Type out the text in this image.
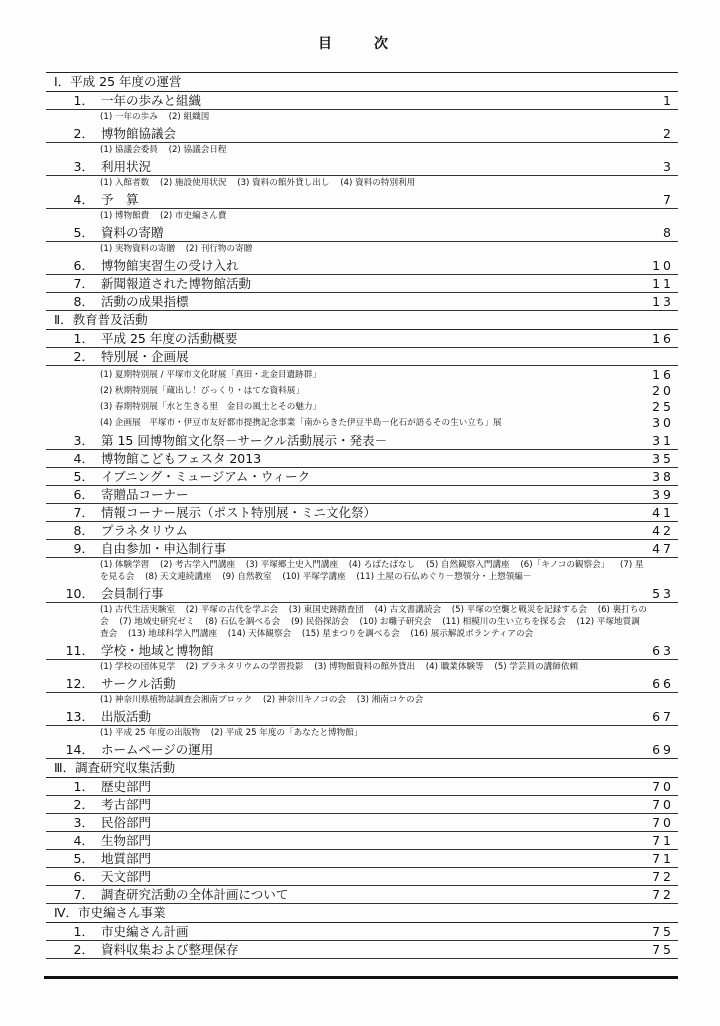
目　次
Ⅰ．平成 25 年度の運営
1． 一年の歩みと組織	1
(1) 一年の歩み (2) 組織図
2． 博物館協議会	2
(1) 協議会委員 (2) 協議会日程
3． 利用状況	3
(1) 入館者数 (2) 施設使用状況 (3) 資料の館外貸し出し (4) 資料の特別利用
4． 予　算	7
(1) 博物館費 (2) 市史編さん費
5． 資料の寄贈	8
(1) 実物資料の寄贈 (2) 刊行物の寄贈
6． 博物館実習生の受け入れ	10
7． 新聞報道された博物館活動	11
8． 活動の成果指標	13
Ⅱ．教育普及活動
1． 平成 25 年度の活動概要	16
2． 特別展・企画展
(1) 夏期特別展 / 平塚市文化財展「真田・北金目遺跡群」	16
(2) 秋期特別展「蔵出し！びっくり・はてな資料展」	20
(3) 春期特別展「水と生きる里　金目の風土とその魅力」	25
(4) 企画展　平塚市・伊豆市友好都市提携記念事業「南からきた伊豆半島－化石が語るその生い立ち」展	30
3． 第 15 回博物館文化祭－サークル活動展示・発表－	31
4． 博物館こどもフェスタ 2013	35
5． イブニング・ミュージアム・ウィーク	38
6． 寄贈品コーナー	39
7． 情報コーナー展示（ポスト特別展・ミニ文化祭）	41
8． プラネタリウム	42
9． 自由参加・申込制行事	47
(1) 体験学習 (2) 考古学入門講座 (3) 平塚郷土史入門講座 (4) ろばたばなし (5) 自然観察入門講座 (6)「キノコの観察会」 (7) 星を見る会 (8) 天文連続講座 (9) 自然教室 (10) 平塚学講座 (11) 土屋の石仏めぐり－惣領分・上惣領編－
10． 会員制行事	53
(1) 古代生活実験室 (2) 平塚の古代を学ぶ会 (3) 東国史跡踏査団 (4) 古文書講読会 (5) 平塚の空襲と戦災を記録する会 (6) 裏打ちの会 (7) 地域史研究ゼミ (8) 石仏を調べる会 (9) 民俗探訪会 (10) お囃子研究会 (11) 相模川の生い立ちを探る会 (12) 平塚地質調査会 (13) 地球科学入門講座 (14) 天体観察会 (15) 星まつりを調べる会 (16) 展示解説ボランティアの会
11． 学校・地域と博物館	63
(1) 学校の団体見学 (2) プラネタリウムの学習投影 (3) 博物館資料の館外貸出 (4) 職業体験等 (5) 学芸員の講師依頼
12． サークル活動	66
(1) 神奈川県植物誌調査会湘南ブロック (2) 神奈川キノコの会 (3) 湘南コケの会
13． 出版活動	67
(1) 平成 25 年度の出版物 (2) 平成 25 年度の「あなたと博物館」
14． ホームページの運用	69
Ⅲ．調査研究収集活動
1． 歴史部門	70
2． 考古部門	70
3． 民俗部門	70
4． 生物部門	71
5． 地質部門	71
6． 天文部門	72
7． 調査研究活動の全体計画について	72
Ⅳ．市史編さん事業
1． 市史編さん計画	75
2． 資料収集および整理保存	75
